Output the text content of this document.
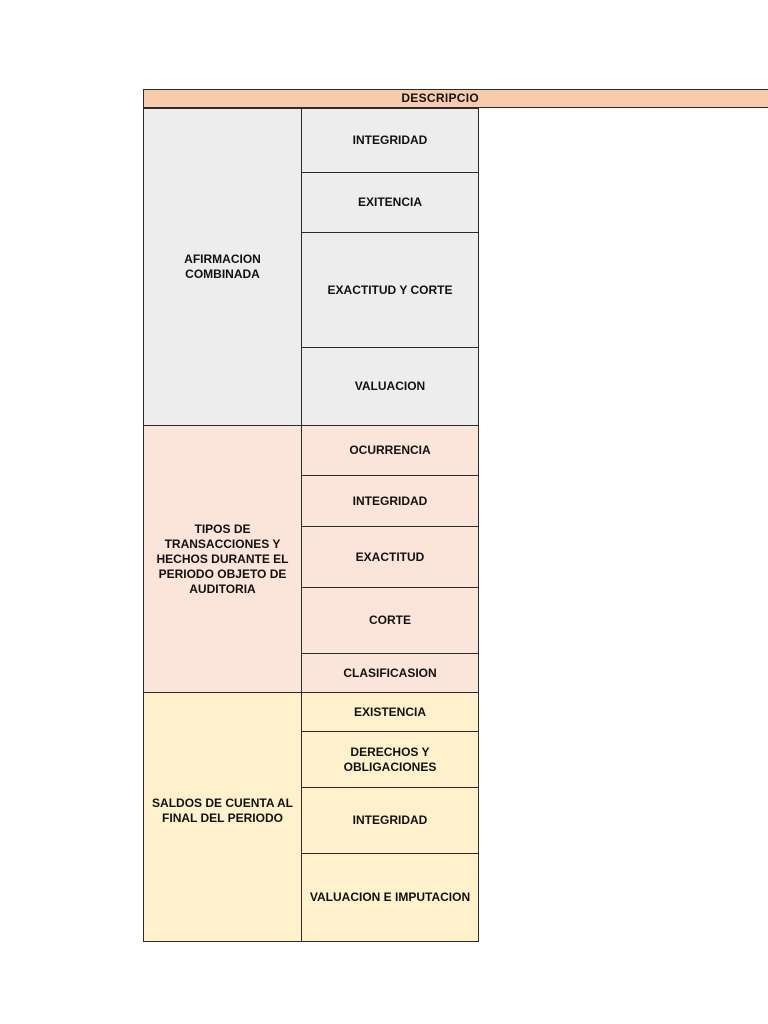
DESCRIPCIO
AFIRMACION COMBINADA
INTEGRIDAD
EXITENCIA
EXACTITUD Y CORTE
VALUACION
TIPOS DE TRANSACCIONES Y HECHOS DURANTE EL PERIODO OBJETO DE AUDITORIA
OCURRENCIA
INTEGRIDAD
EXACTITUD
CORTE
CLASIFICASION
SALDOS DE CUENTA AL FINAL DEL PERIODO
EXISTENCIA
DERECHOS Y OBLIGACIONES
INTEGRIDAD
VALUACION E IMPUTACION
